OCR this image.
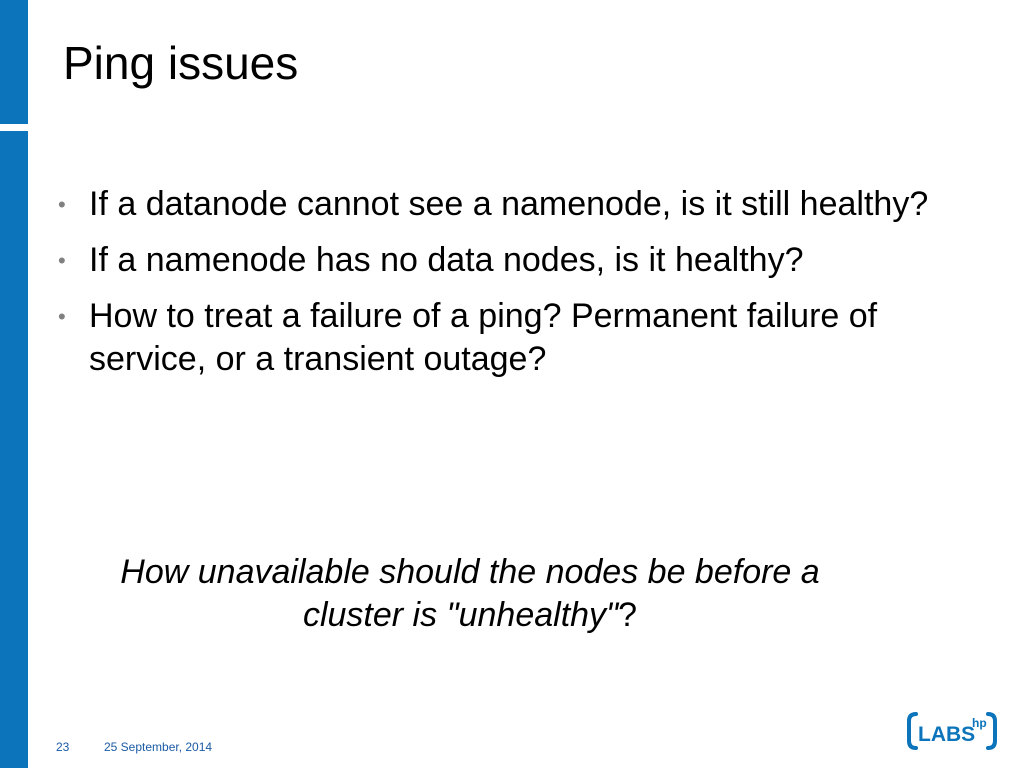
Ping issues
• If a datanode cannot see a namenode, is it still healthy?
• If a namenode has no data nodes, is it healthy?
• How to treat a failure of a ping? Permanent failure of service, or a transient outage?

How unavailable should the nodes be before a cluster is "unhealthy"?

23	25 September, 2014
LABS
hp
